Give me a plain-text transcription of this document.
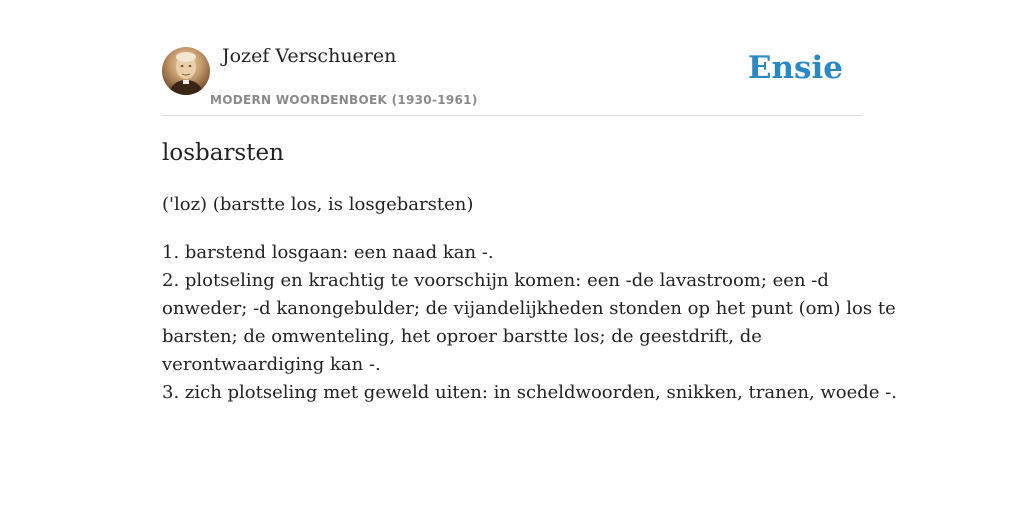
Jozef Verschueren
MODERN WOORDENBOEK (1930-1961)
Ensie
losbarsten
('loz) (barstte los, is losgebarsten)
1. barstend losgaan: een naad kan -.
2. plotseling en krachtig te voorschijn komen: een -de lavastroom; een -d
onweder; -d kanongebulder; de vijandelijkheden stonden op het punt (om) los te
barsten; de omwenteling, het oproer barstte los; de geestdrift, de
verontwaardiging kan -.
3. zich plotseling met geweld uiten: in scheldwoorden, snikken, tranen, woede -.
